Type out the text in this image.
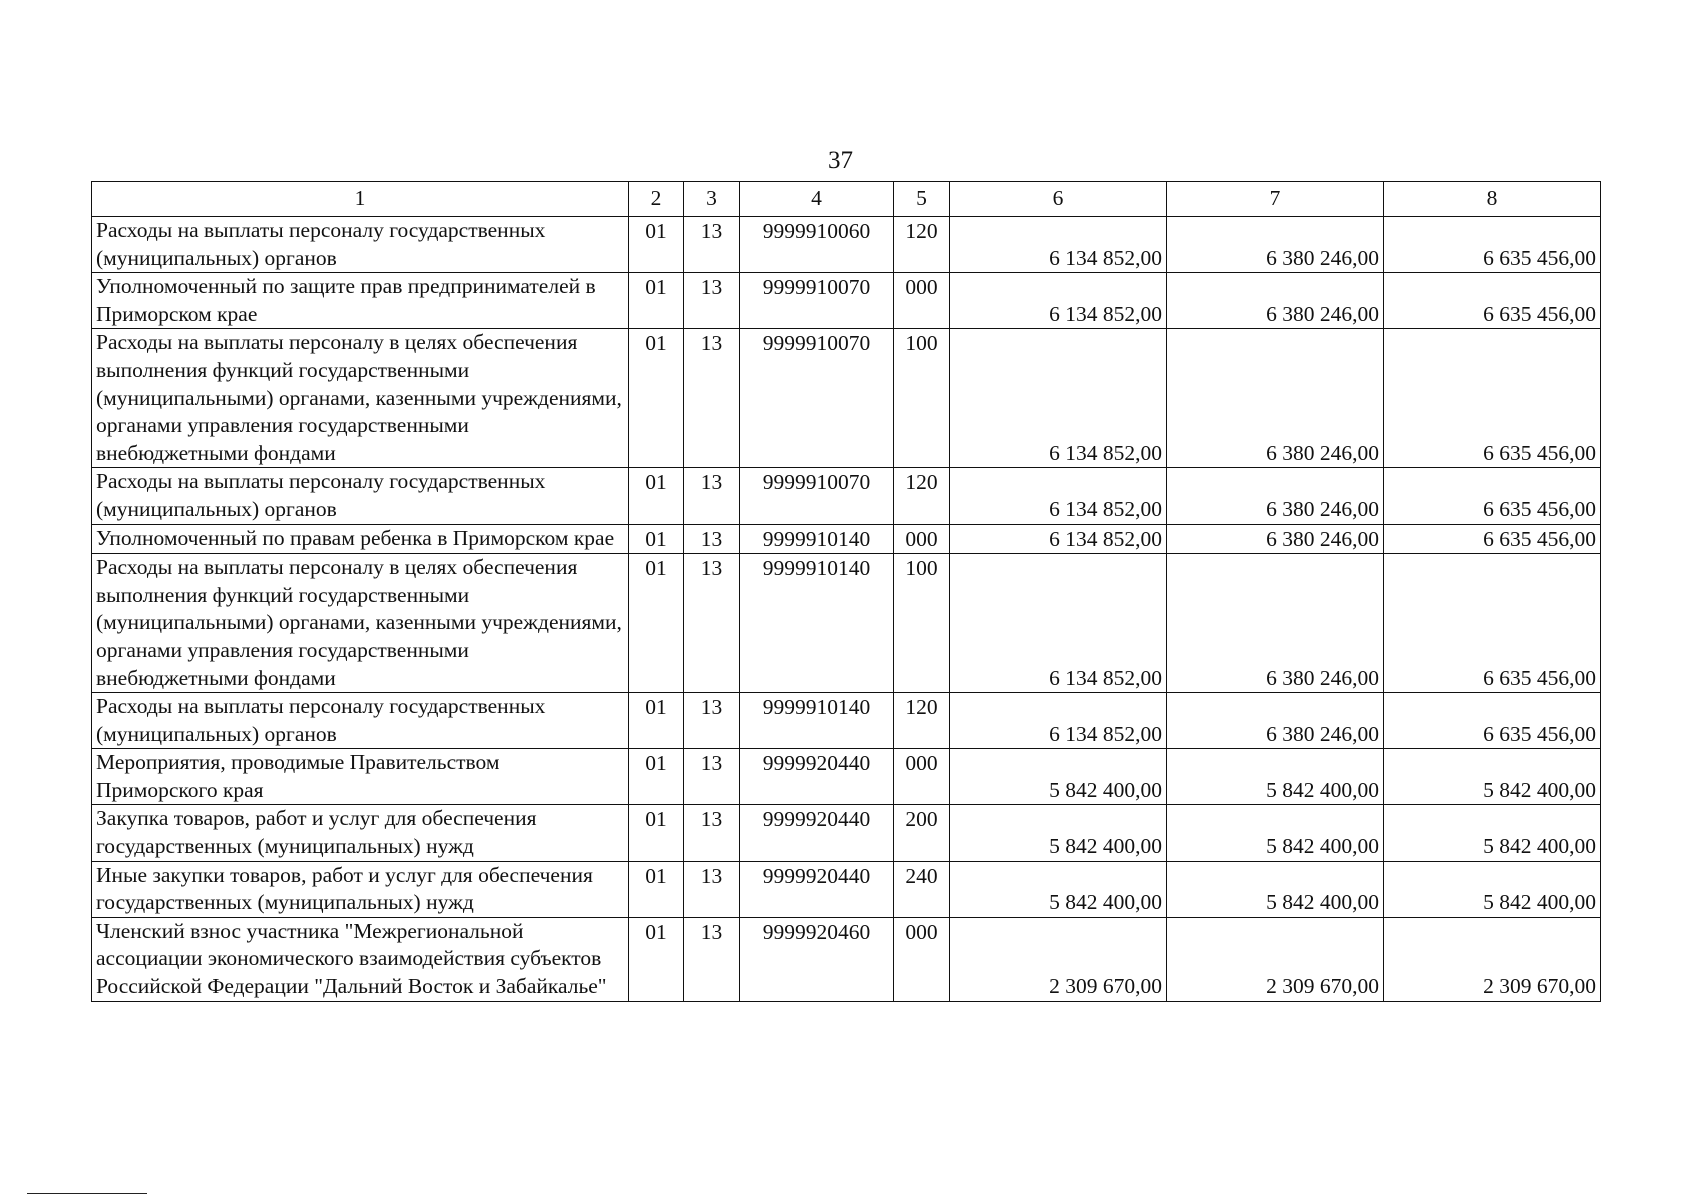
37
1	2	3	4	5	6	7	8
Расходы на выплаты персоналу государственных (муниципальных) органов	01	13	9999910060	120	6 134 852,00	6 380 246,00	6 635 456,00
Уполномоченный по защите прав предпринимателей в Приморском крае	01	13	9999910070	000	6 134 852,00	6 380 246,00	6 635 456,00
Расходы на выплаты персоналу в целях обеспечения выполнения функций государственными (муниципальными) органами, казенными учреждениями, органами управления государственными внебюджетными фондами	01	13	9999910070	100	6 134 852,00	6 380 246,00	6 635 456,00
Расходы на выплаты персоналу государственных (муниципальных) органов	01	13	9999910070	120	6 134 852,00	6 380 246,00	6 635 456,00
Уполномоченный по правам ребенка в Приморском крае	01	13	9999910140	000	6 134 852,00	6 380 246,00	6 635 456,00
Расходы на выплаты персоналу в целях обеспечения выполнения функций государственными (муниципальными) органами, казенными учреждениями, органами управления государственными внебюджетными фондами	01	13	9999910140	100	6 134 852,00	6 380 246,00	6 635 456,00
Расходы на выплаты персоналу государственных (муниципальных) органов	01	13	9999910140	120	6 134 852,00	6 380 246,00	6 635 456,00
Мероприятия, проводимые Правительством Приморского края	01	13	9999920440	000	5 842 400,00	5 842 400,00	5 842 400,00
Закупка товаров, работ и услуг для обеспечения государственных (муниципальных) нужд	01	13	9999920440	200	5 842 400,00	5 842 400,00	5 842 400,00
Иные закупки товаров, работ и услуг для обеспечения государственных (муниципальных) нужд	01	13	9999920440	240	5 842 400,00	5 842 400,00	5 842 400,00
Членский взнос участника "Межрегиональной ассоциации экономического взаимодействия субъектов Российской Федерации "Дальний Восток и Забайкалье"	01	13	9999920460	000	2 309 670,00	2 309 670,00	2 309 670,00
